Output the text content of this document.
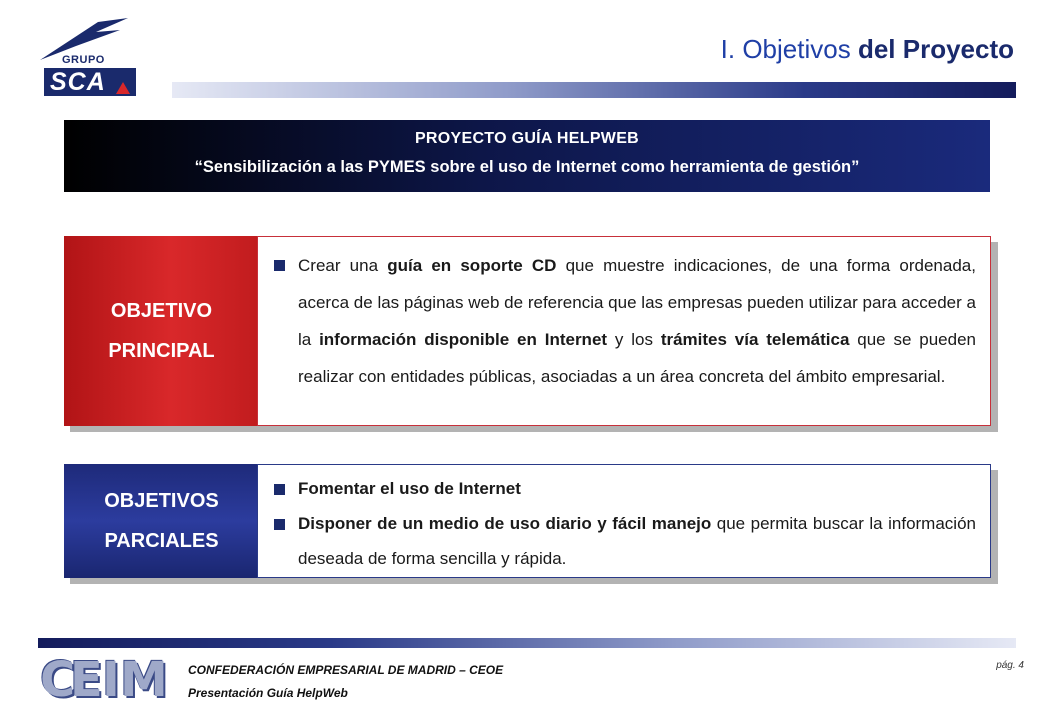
GRUPO
SCA
I. Objetivos del Proyecto
PROYECTO GUÍA HELPWEB
“Sensibilización a las PYMES sobre el uso de Internet como herramienta de gestión”
OBJETIVO
PRINCIPAL
Crear una guía en soporte CD que muestre indicaciones, de una forma ordenada, acerca de las páginas web de referencia que las empresas pueden utilizar para acceder a la información disponible en Internet y los trámites vía telemática que se pueden realizar con entidades públicas, asociadas a un área concreta del ámbito empresarial.
OBJETIVOS
PARCIALES
Fomentar el uso de Internet
Disponer de un medio de uso diario y fácil manejo que permita buscar la información deseada de forma sencilla y rápida.
C
E I M CONFEDERACIÓN EMPRESARIAL DE MADRID – CEOE
Presentación Guía HelpWeb
pág. 4
